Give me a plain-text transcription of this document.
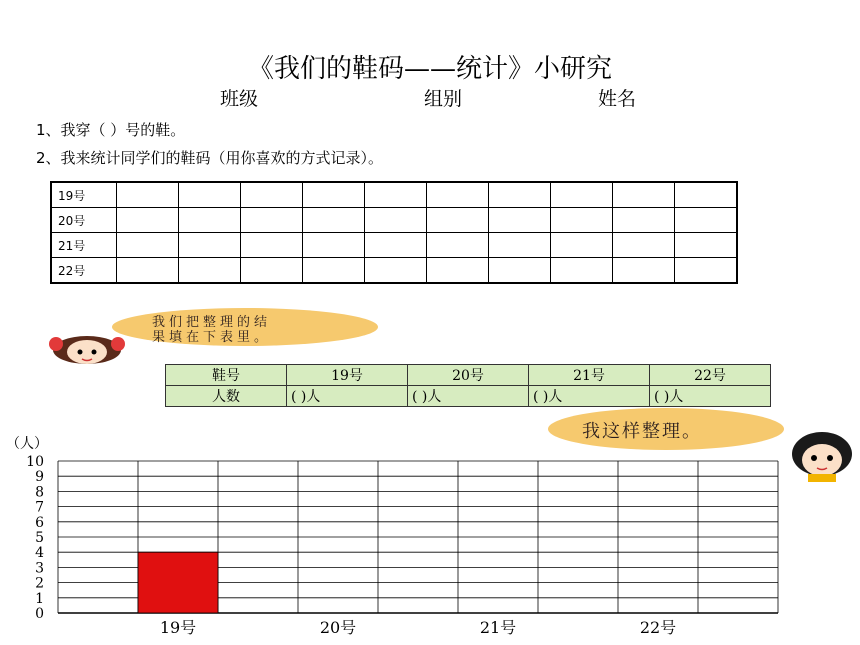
《我们的鞋码——统计》小研究
班级	组别	姓名
1、我穿（ ）号的鞋。
2、我来统计同学们的鞋码（用你喜欢的方式记录）。
19号										
20号										
21号										
22号										
我们把整理的结
果填在下表里。
鞋号	19号	20号	21号	22号
人数	( )人	( )人	( )人	( )人
我这样整理。
（人）
0
1
2
3
4
5
6
7
8
9
10
19号	20号	21号	22号
